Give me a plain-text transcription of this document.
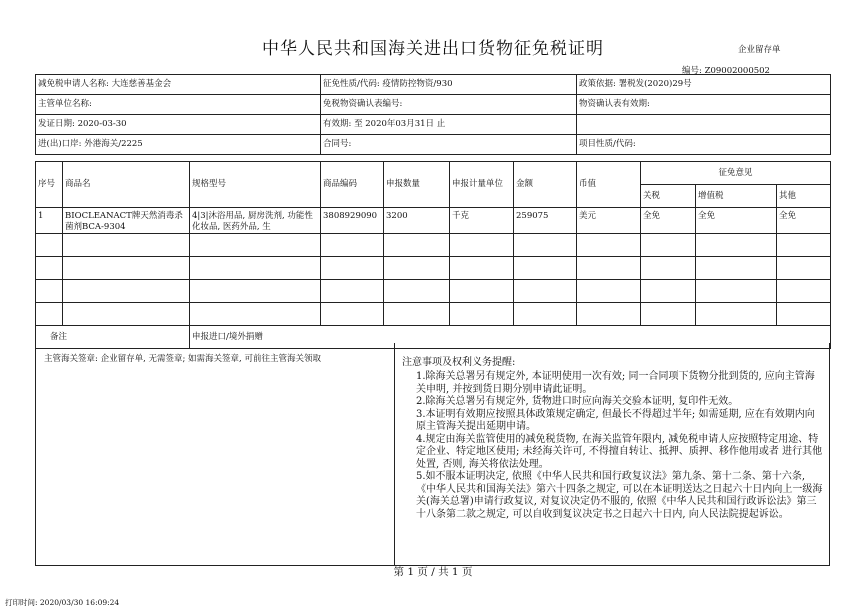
中华人民共和国海关进出口货物征免税证明	企业留存单
编号: Z09002000502
减免税申请人名称: 大连慈善基金会	征免性质/代码: 疫情防控物资/930	政策依据: 署税发(2020)29号
主管单位名称:	免税物资确认表编号:	物资确认表有效期:
发证日期: 2020-03-30	有效期: 至 2020年03月31日 止	
进(出)口岸: 外港海关/2225	合同号:	项目性质/代码:
序号	商品名	规格型号	商品编码	申报数量	申报计量单位	金额	币值	征免意见		
								关税	增值税	其他
1	BIOCLEANACT牌天然消毒杀菌剂BCA-9304	4|3|沐浴用品, 厨房洗剂, 功能性化妆品, 医药外品, 生	3808929090	3200	千克	259075	美元	全免	全免	全免

备注		申报进口/境外捐赠								
主管海关签章: 企业留存单, 无需签章; 如需海关签章, 可前往主管海关领取	注意事项及权利义务提醒:
1.除海关总署另有规定外, 本证明使用一次有效; 同一合同项下货物分批到货的, 应向主管海关申明, 并按到货日期分别申请此证明。
2.除海关总署另有规定外, 货物进口时应向海关交验本证明, 复印件无效。
3.本证明有效期应按照具体政策规定确定, 但最长不得超过半年; 如需延期, 应在有效期内向原主管海关提出延期申请。
4.规定由海关监管使用的减免税货物, 在海关监管年限内, 减免税申请人应按照特定用途、特定企业、特定地区使用; 未经海关许可, 不得擅自转让、抵押、质押、移作他用或者 进行其他处置, 否则, 海关将依法处理。
5.如不服本证明决定, 依照《中华人民共和国行政复议法》第九条、第十二条、第十六条, 《中华人民共和国海关法》第六十四条之规定, 可以在本证明送达之日起六十日内向上一级海关(海关总署)申请行政复议, 对复议决定仍不服的, 依照《中华人民共和国行政诉讼法》第三十八条第二款之规定, 可以自收到复议决定书之日起六十日内, 向人民法院提起诉讼。
第 1 页 / 共 1 页
打印时间: 2020/03/30 16:09:24
